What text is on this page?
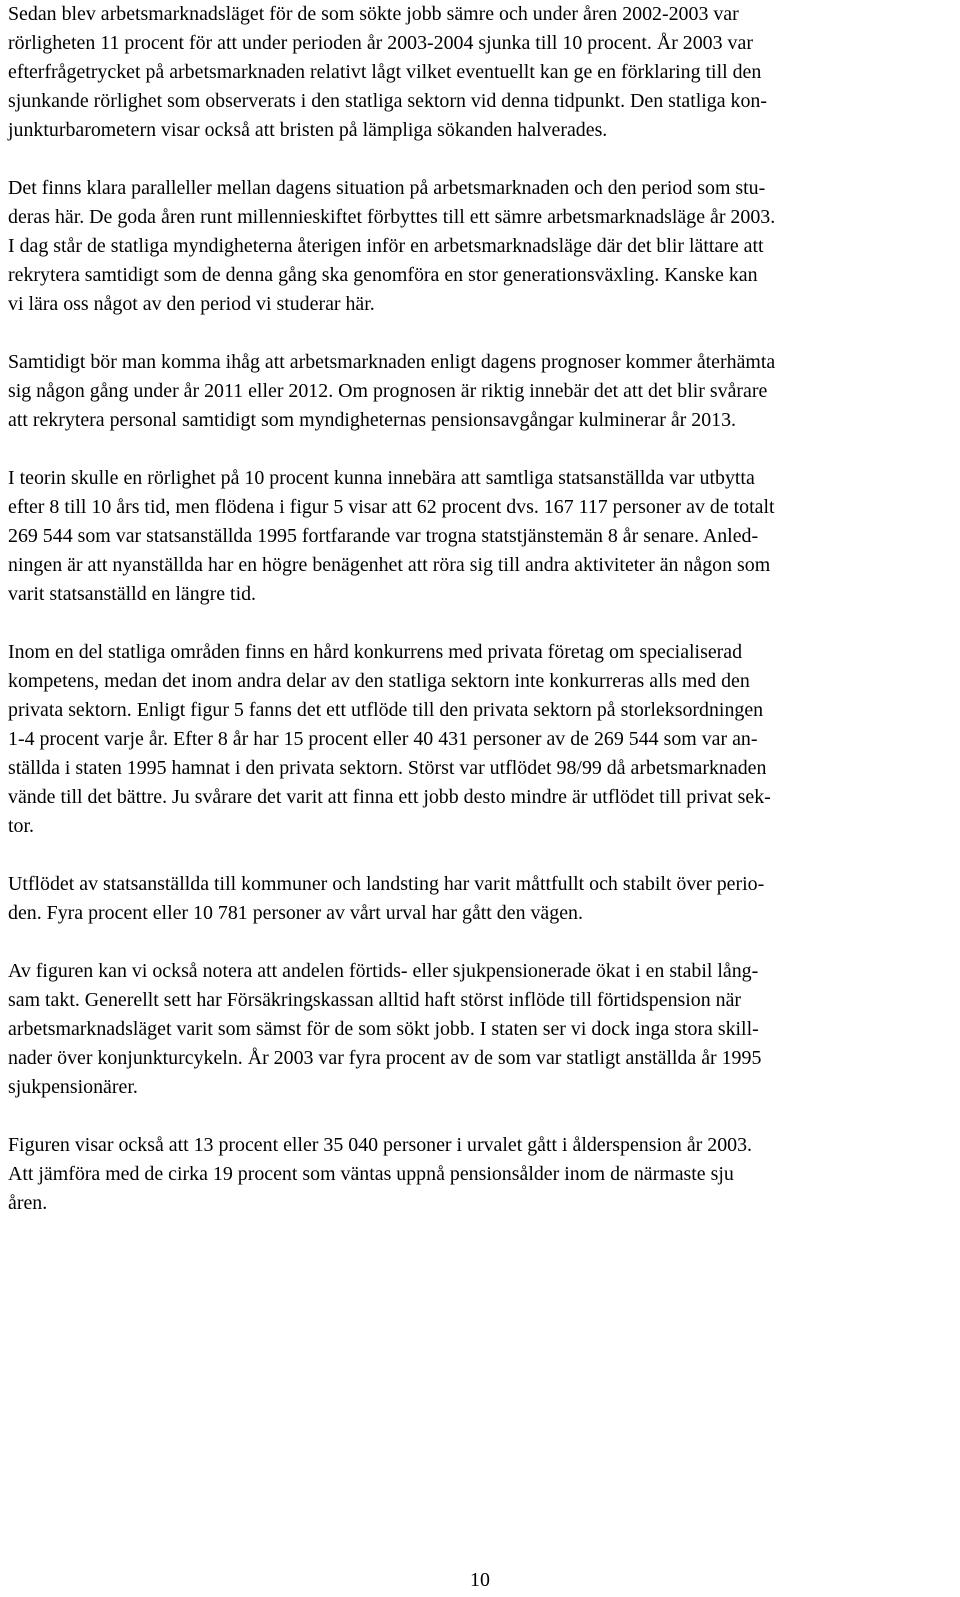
Sedan blev arbetsmarknadsläget för de som sökte jobb sämre och under åren 2002-2003 var
rörligheten 11 procent för att under perioden år 2003-2004 sjunka till 10 procent. År 2003 var
efterfrågetrycket på arbetsmarknaden relativt lågt vilket eventuellt kan ge en förklaring till den
sjunkande rörlighet som observerats i den statliga sektorn vid denna tidpunkt. Den statliga kon-
junkturbarometern visar också att bristen på lämpliga sökanden halverades.

Det finns klara paralleller mellan dagens situation på arbetsmarknaden och den period som stu-
deras här. De goda åren runt millennieskiftet förbyttes till ett sämre arbetsmarknadsläge år 2003.
I dag står de statliga myndigheterna återigen inför en arbetsmarknadsläge där det blir lättare att
rekrytera samtidigt som de denna gång ska genomföra en stor generationsväxling. Kanske kan
vi lära oss något av den period vi studerar här.

Samtidigt bör man komma ihåg att arbetsmarknaden enligt dagens prognoser kommer återhämta
sig någon gång under år 2011 eller 2012. Om prognosen är riktig innebär det att det blir svårare
att rekrytera personal samtidigt som myndigheternas pensionsavgångar kulminerar år 2013.

I teorin skulle en rörlighet på 10 procent kunna innebära att samtliga statsanställda var utbytta
efter 8 till 10 års tid, men flödena i figur 5 visar att 62 procent dvs. 167 117 personer av de totalt
269 544 som var statsanställda 1995 fortfarande var trogna statstjänstemän 8 år senare. Anled-
ningen är att nyanställda har en högre benägenhet att röra sig till andra aktiviteter än någon som
varit statsanställd en längre tid.

Inom en del statliga områden finns en hård konkurrens med privata företag om specialiserad
kompetens, medan det inom andra delar av den statliga sektorn inte konkurreras alls med den
privata sektorn. Enligt figur 5 fanns det ett utflöde till den privata sektorn på storleksordningen
1-4 procent varje år. Efter 8 år har 15 procent eller 40 431 personer av de 269 544 som var an-
ställda i staten 1995 hamnat i den privata sektorn. Störst var utflödet 98/99 då arbetsmarknaden
vände till det bättre. Ju svårare det varit att finna ett jobb desto mindre är utflödet till privat sek-
tor.

Utflödet av statsanställda till kommuner och landsting har varit måttfullt och stabilt över perio-
den. Fyra procent eller 10 781 personer av vårt urval har gått den vägen.

Av figuren kan vi också notera att andelen förtids- eller sjukpensionerade ökat i en stabil lång-
sam takt. Generellt sett har Försäkringskassan alltid haft störst inflöde till förtidspension när
arbetsmarknadsläget varit som sämst för de som sökt jobb. I staten ser vi dock inga stora skill-
nader över konjunkturcykeln. År 2003 var fyra procent av de som var statligt anställda år 1995
sjukpensionärer.

Figuren visar också att 13 procent eller 35 040 personer i urvalet gått i ålderspension år 2003.
Att jämföra med de cirka 19 procent som väntas uppnå pensionsålder inom de närmaste sju
åren.

10
